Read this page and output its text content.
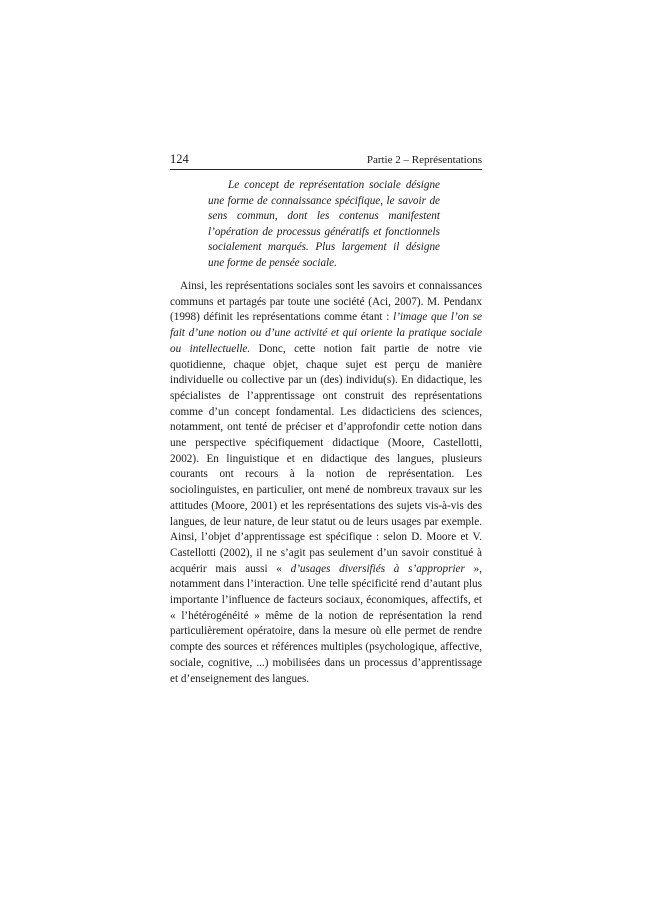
124	Partie 2 – Représentations

Le concept de représentation sociale désigne une forme de connaissance spécifique, le savoir de sens commun, dont les contenus manifestent l’opération de processus génératifs et fonctionnels socialement marqués. Plus largement il désigne une forme de pensée sociale.

Ainsi, les représentations sociales sont les savoirs et connaissances communs et partagés par toute une société (Aci, 2007). M. Pendanx (1998) définit les représentations comme étant : l’image que l’on se fait d’une notion ou d’une activité et qui oriente la pratique sociale ou intellectuelle. Donc, cette notion fait partie de notre vie quotidienne, chaque objet, chaque sujet est perçu de manière individuelle ou collective par un (des) individu(s). En didactique, les spécialistes de l’apprentissage ont construit des représentations comme d’un concept fondamental. Les didacticiens des sciences, notamment, ont tenté de préciser et d’approfondir cette notion dans une perspective spécifiquement didactique (Moore, Castellotti, 2002). En linguistique et en didactique des langues, plusieurs courants ont recours à la notion de représentation. Les sociolinguistes, en particulier, ont mené de nombreux travaux sur les attitudes (Moore, 2001) et les représentations des sujets vis-à-vis des langues, de leur nature, de leur statut ou de leurs usages par exemple. Ainsi, l’objet d’apprentissage est spécifique : selon D. Moore et V. Castellotti (2002), il ne s’agit pas seulement d’un savoir constitué à acquérir mais aussi « d’usages diversifiés à s’approprier », notamment dans l’interaction. Une telle spécificité rend d’autant plus importante l’influence de facteurs sociaux, économiques, affectifs, et « l’hétérogénéité » même de la notion de représentation la rend particulièrement opératoire, dans la mesure où elle permet de rendre compte des sources et références multiples (psychologique, affective, sociale, cognitive, ...) mobilisées dans un processus d’apprentissage et d’enseignement des langues.
